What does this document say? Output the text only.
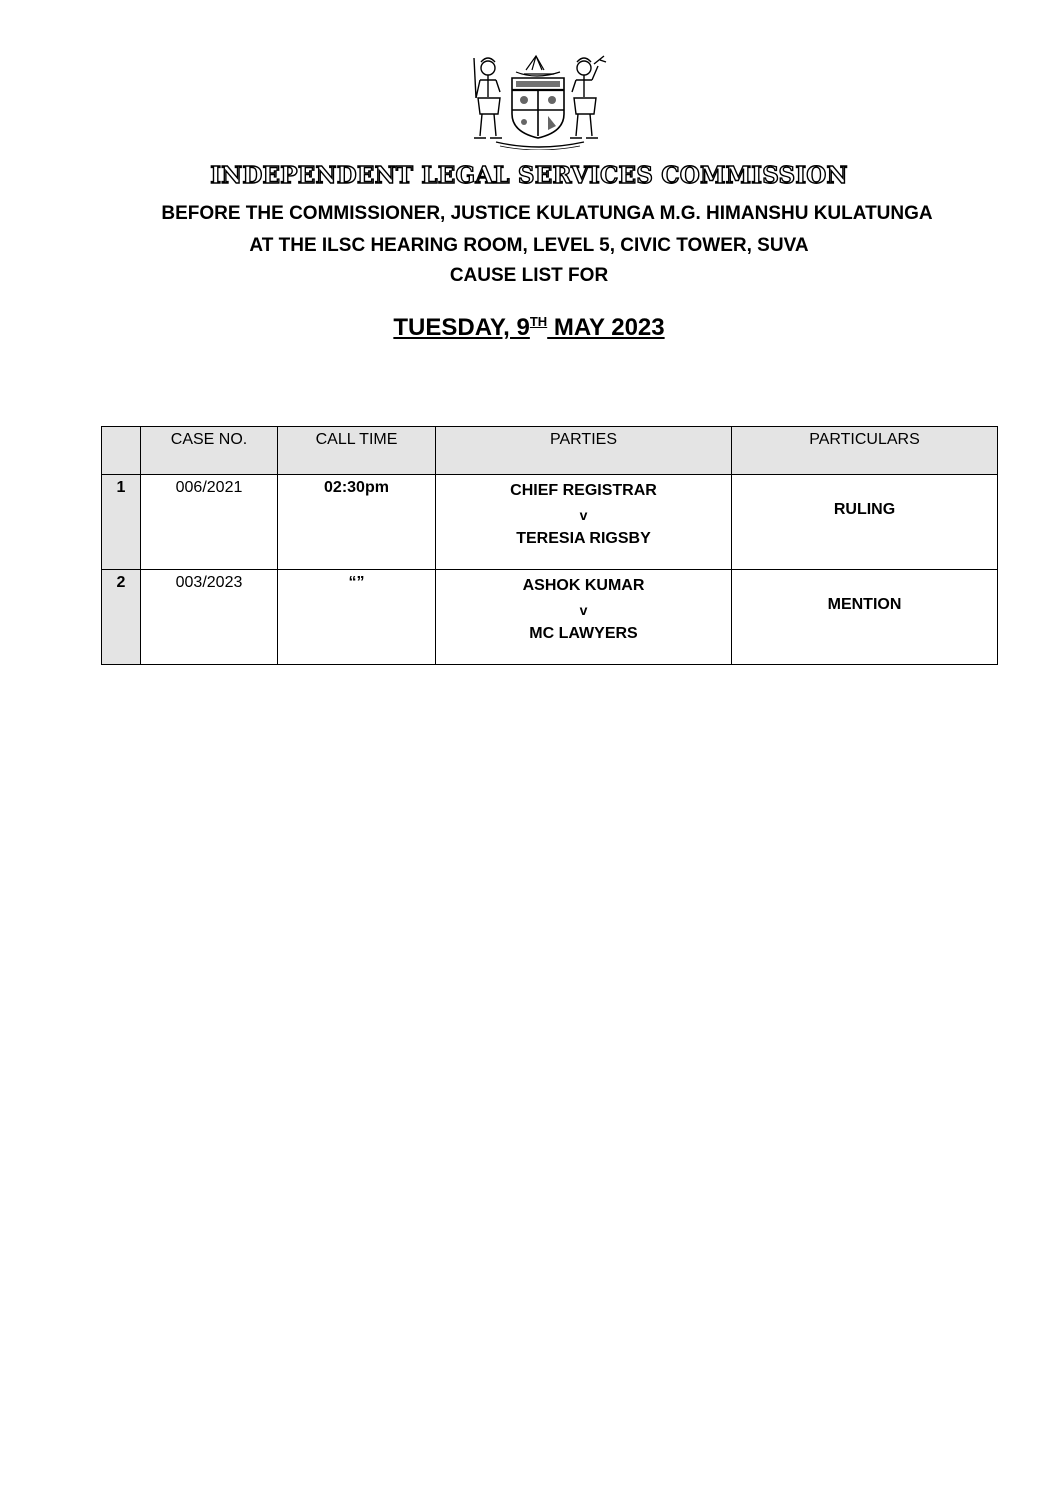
INDEPENDENT LEGAL SERVICES COMMISSION
BEFORE THE COMMISSIONER, JUSTICE KULATUNGA M.G. HIMANSHU KULATUNGA
AT THE ILSC HEARING ROOM, LEVEL 5, CIVIC TOWER, SUVA
CAUSE LIST FOR
TUESDAY, 9TH MAY 2023

	CASE NO.	CALL TIME	PARTIES	PARTICULARS

1	006/2021	02:30pm	CHIEF REGISTRAR
v
TERESIA RIGSBY	RULING

2	003/2023	“”	ASHOK KUMAR
v
MC LAWYERS	MENTION
